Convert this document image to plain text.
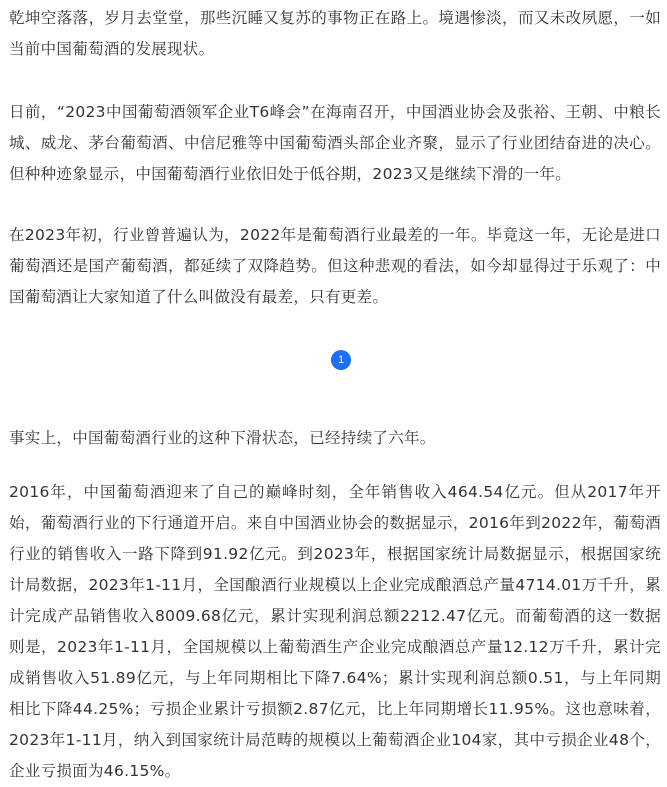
乾坤空落落，岁月去堂堂，那些沉睡又复苏的事物正在路上。境遇惨淡，而又未改夙愿，一如当前中国葡萄酒的发展现状。

日前，“2023中国葡萄酒领军企业T6峰会”在海南召开，中国酒业协会及张裕、王朝、中粮长城、威龙、茅台葡萄酒、中信尼雅等中国葡萄酒头部企业齐聚，显示了行业团结奋进的决心。但种种迹象显示，中国葡萄酒行业依旧处于低谷期，2023又是继续下滑的一年。

在2023年初，行业曾普遍认为，2022年是葡萄酒行业最差的一年。毕竟这一年，无论是进口葡萄酒还是国产葡萄酒，都延续了双降趋势。但这种悲观的看法，如今却显得过于乐观了：中国葡萄酒让大家知道了什么叫做没有最差，只有更差。

1

事实上，中国葡萄酒行业的这种下滑状态，已经持续了六年。

2016年，中国葡萄酒迎来了自己的巅峰时刻，全年销售收入464.54亿元。但从2017年开始，葡萄酒行业的下行通道开启。来自中国酒业协会的数据显示，2016年到2022年，葡萄酒行业的销售收入一路下降到91.92亿元。到2023年，根据国家统计局数据显示，根据国家统计局数据，2023年1-11月，全国酿酒行业规模以上企业完成酿酒总产量4714.01万千升，累计完成产品销售收入8009.68亿元，累计实现利润总额2212.47亿元。而葡萄酒的这一数据则是，2023年1-11月，全国规模以上葡萄酒生产企业完成酿酒总产量12.12万千升，累计完成销售收入51.89亿元，与上年同期相比下降7.64%；累计实现利润总额0.51，与上年同期相比下降44.25%；亏损企业累计亏损额2.87亿元，比上年同期增长11.95%。这也意味着，2023年1-11月，纳入到国家统计局范畴的规模以上葡萄酒企业104家，其中亏损企业48个，企业亏损面为46.15%。
